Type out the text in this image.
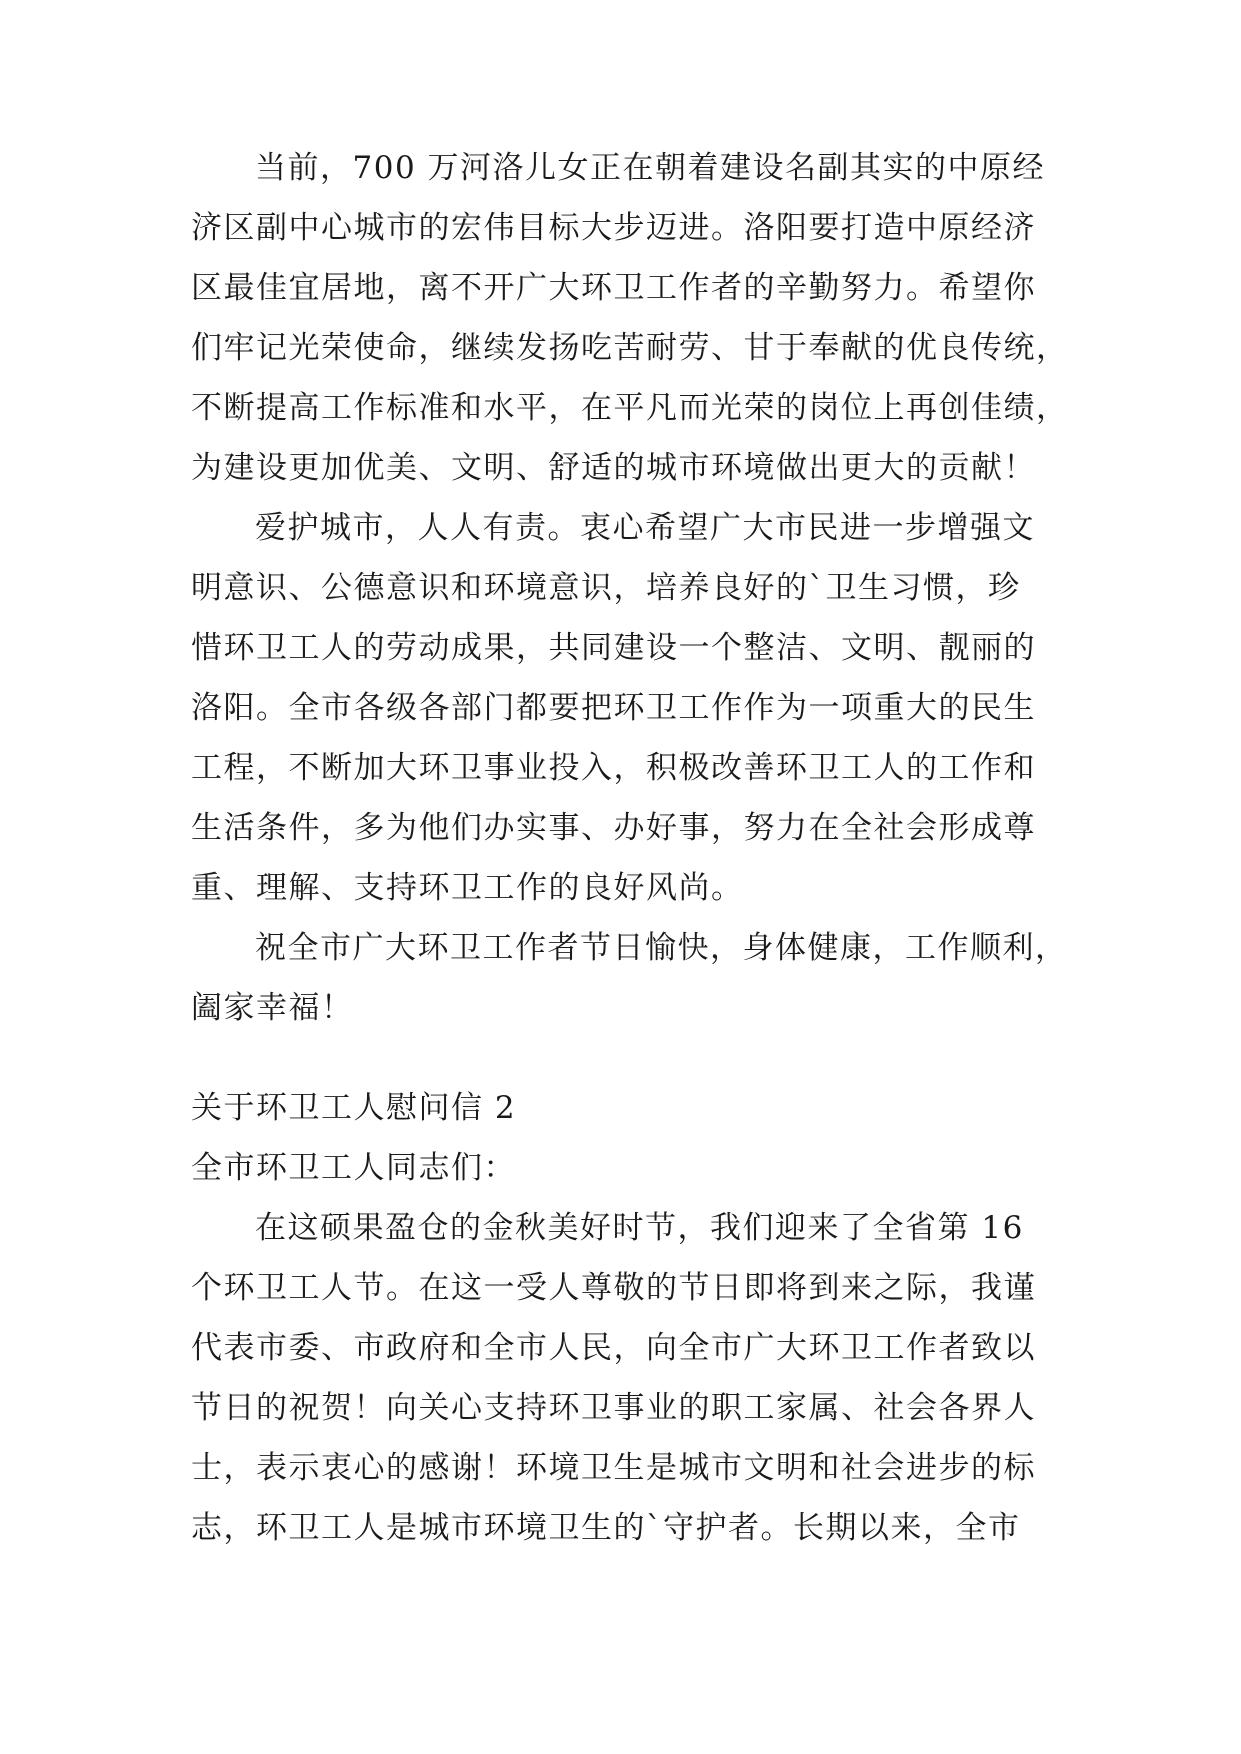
当前，700 万河洛儿女正在朝着建设名副其实的中原经
济区副中心城市的宏伟目标大步迈进。洛阳要打造中原经济
区最佳宜居地，离不开广大环卫工作者的辛勤努力。希望你
们牢记光荣使命，继续发扬吃苦耐劳、甘于奉献的优良传统，
不断提高工作标准和水平，在平凡而光荣的岗位上再创佳绩，
为建设更加优美、文明、舒适的城市环境做出更大的贡献！
爱护城市，人人有责。衷心希望广大市民进一步增强文
明意识、公德意识和环境意识，培养良好的`卫生习惯，珍
惜环卫工人的劳动成果，共同建设一个整洁、文明、靓丽的
洛阳。全市各级各部门都要把环卫工作作为一项重大的民生
工程，不断加大环卫事业投入，积极改善环卫工人的工作和
生活条件，多为他们办实事、办好事，努力在全社会形成尊
重、理解、支持环卫工作的良好风尚。
祝全市广大环卫工作者节日愉快，身体健康，工作顺利，
阖家幸福！
关于环卫工人慰问信 2
全市环卫工人同志们：
在这硕果盈仓的金秋美好时节，我们迎来了全省第 16
个环卫工人节。在这一受人尊敬的节日即将到来之际，我谨
代表市委、市政府和全市人民，向全市广大环卫工作者致以
节日的祝贺！向关心支持环卫事业的职工家属、社会各界人
士，表示衷心的感谢！环境卫生是城市文明和社会进步的标
志，环卫工人是城市环境卫生的`守护者。长期以来，全市
